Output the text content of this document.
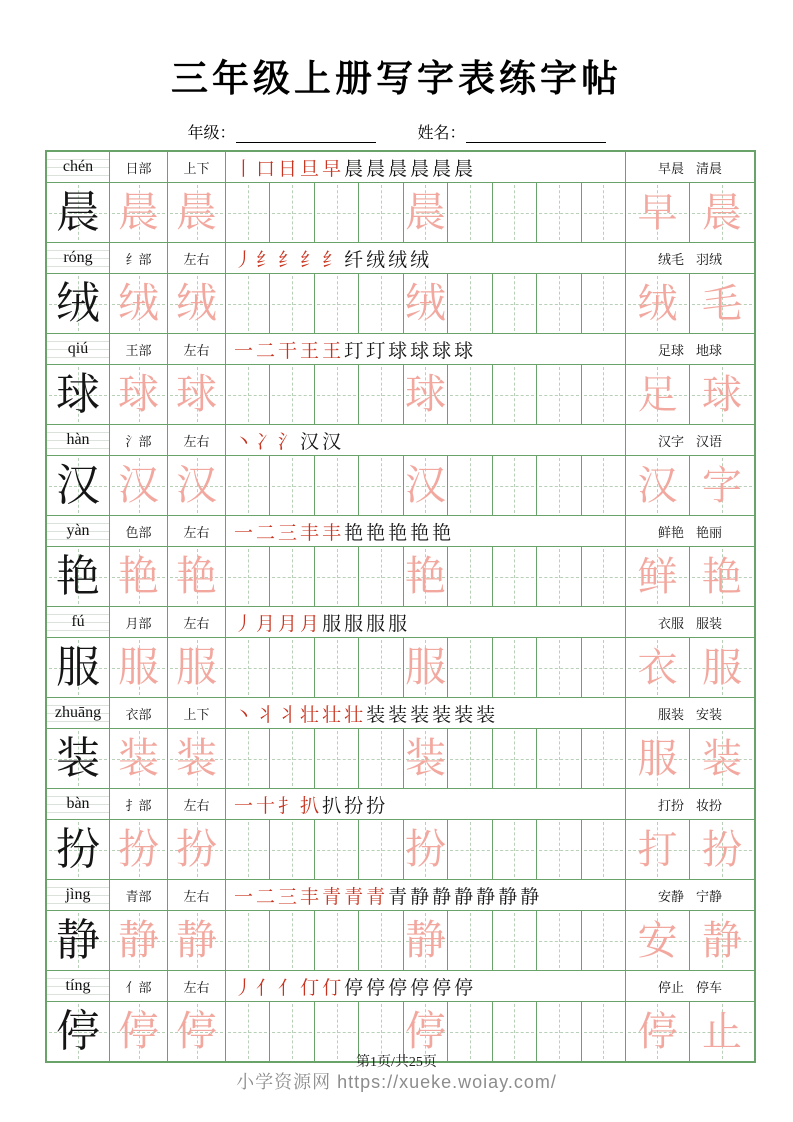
三年级上册写字表练字帖
年级：	姓名：
chén	日部	上下	丨 口 日 旦 早 晨 晨 晨 晨 晨 晨	早晨 清晨
晨 晨 晨	晨	早 晨
róng	纟部	左右	丿 纟 纟 纟 纟 纤 绒 绒 绒	绒毛 羽绒
绒 绒 绒	绒	绒 毛
qiú	王部	左右	一 二 干 王 王 玎 玎 球 球 球 球	足球 地球
球 球 球	球	足 球
hàn	氵部	左右	丶 冫 氵 汉 汉	汉字 汉语
汉 汉 汉	汉	汉 字
yàn	色部	左右	一 二 三 丰 丰 艳 艳 艳 艳 艳	鲜艳 艳丽
艳 艳 艳	艳	鲜 艳
fú	月部	左右	丿 月 月 月 服 服 服 服	衣服 服装
服 服 服	服	衣 服
zhuāng	衣部	上下	丶 丬 丬 壮 壮 壮 装 装 装 装 装 装	服装 安装
装 装 装	装	服 装
bàn	扌部	左右	一 十 扌 扒 扒 扮 扮	打扮 妆扮
扮 扮 扮	扮	打 扮
jìng	青部	左右	一 二 三 丰 青 青 青 青 静 静 静 静 静 静	安静 宁静
静 静 静	静	安 静
tíng	亻部	左右	丿 亻 亻 仃 仃 停 停 停 停 停 停	停止 停车
停 停 停	停	停 止
第1页/共25页
小学资源网 https://xueke.woiay.com/
